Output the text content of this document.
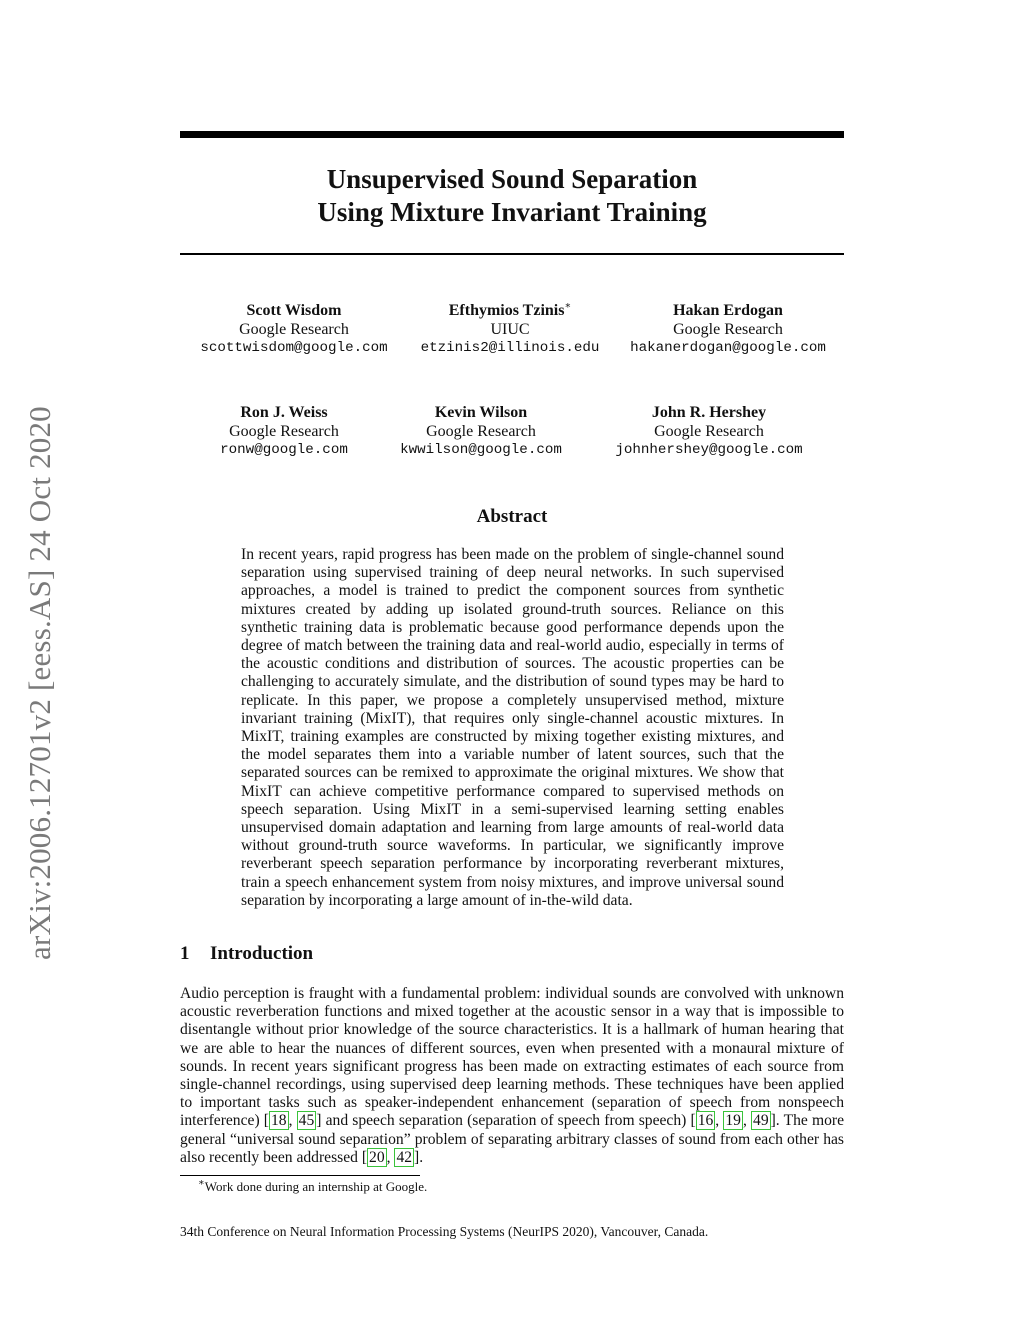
arXiv:2006.12701v2 [eess.AS] 24 Oct 2020
Unsupervised Sound Separation
Using Mixture Invariant Training
Scott Wisdom
Google Research
scottwisdom@google.com
Efthymios Tzinis∗
UIUC
etzinis2@illinois.edu
Hakan Erdogan
Google Research
hakanerdogan@google.com
Ron J. Weiss
Google Research
ronw@google.com
Kevin Wilson
Google Research
kwwilson@google.com
John R. Hershey
Google Research
johnhershey@google.com
Abstract
In recent years, rapid progress has been made on the problem of single-channel sound separation using supervised training of deep neural networks. In such supervised approaches, a model is trained to predict the component sources from synthetic mixtures created by adding up isolated ground-truth sources. Reliance on this synthetic training data is problematic because good performance depends upon the degree of match between the training data and real-world audio, especially in terms of the acoustic conditions and distribution of sources. The acoustic properties can be challenging to accurately simulate, and the distribution of sound types may be hard to replicate. In this paper, we propose a completely unsupervised method, mixture invariant training (MixIT), that requires only single-channel acoustic mixtures. In MixIT, training examples are constructed by mixing together existing mixtures, and the model separates them into a variable number of latent sources, such that the separated sources can be remixed to approximate the original mixtures. We show that MixIT can achieve competitive performance compared to supervised methods on speech separation. Using MixIT in a semi-supervised learning setting enables unsupervised domain adaptation and learning from large amounts of real-world data without ground-truth source waveforms. In particular, we significantly improve reverberant speech separation performance by incorporating reverberant mixtures, train a speech enhancement system from noisy mixtures, and improve universal sound separation by incorporating a large amount of in-the-wild data.
1 Introduction
Audio perception is fraught with a fundamental problem: individual sounds are convolved with unknown acoustic reverberation functions and mixed together at the acoustic sensor in a way that is impossible to disentangle without prior knowledge of the source characteristics. It is a hallmark of human hearing that we are able to hear the nuances of different sources, even when presented with a monaural mixture of sounds. In recent years significant progress has been made on extracting estimates of each source from single-channel recordings, using supervised deep learning methods. These techniques have been applied to important tasks such as speaker-independent enhancement (separation of speech from nonspeech interference) [ 18 , 45 ] and speech separation (separation of speech from speech) [ 16 , 19 , 49 ]. The more general “universal sound separation” problem of separating arbitrary classes of sound from each other has also recently been addressed [ 20 , 42 ].
∗Work done during an internship at Google.
34th Conference on Neural Information Processing Systems (NeurIPS 2020), Vancouver, Canada.
